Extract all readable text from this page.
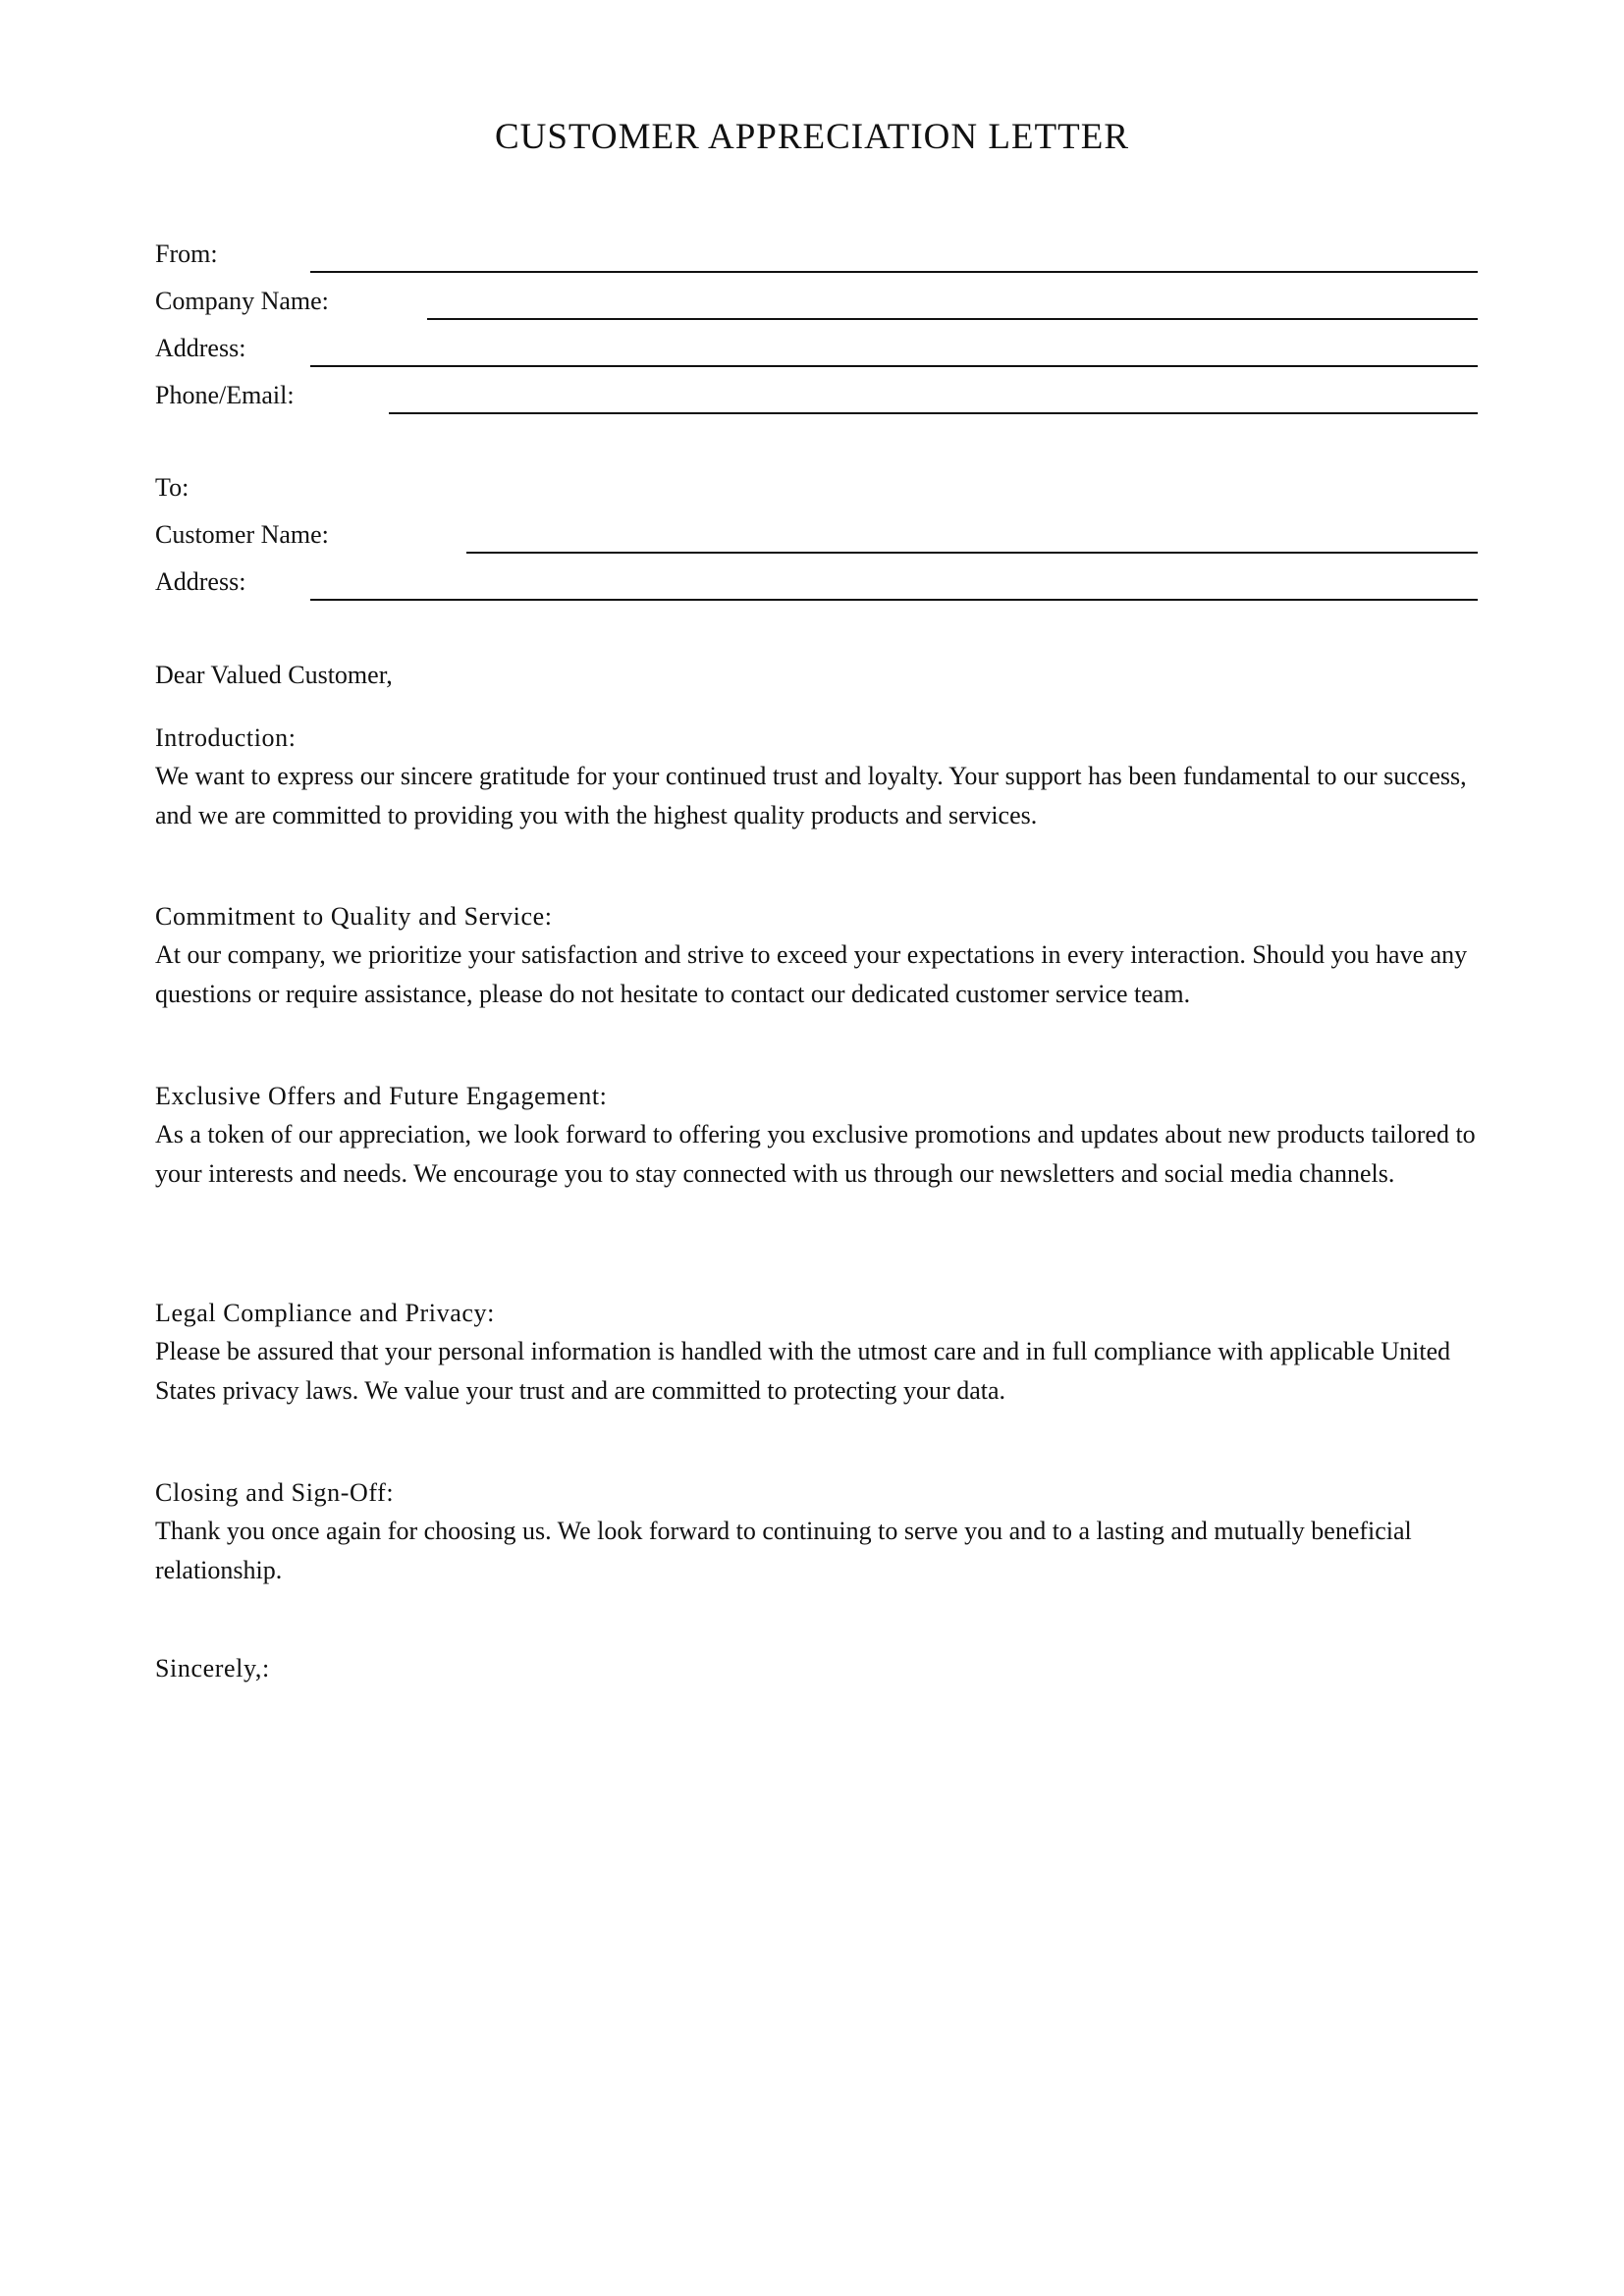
CUSTOMER APPRECIATION LETTER
From:
Company Name:
Address:
Phone/Email:
To:
Customer Name:
Address:
Dear Valued Customer,

Introduction:

We want to express our sincere gratitude for your continued trust and loyalty. Your support has been fundamental to our success, and we are committed to providing you with the highest quality products and services.

Commitment to Quality and Service:

At our company, we prioritize your satisfaction and strive to exceed your expectations in every interaction. Should you have any questions or require assistance, please do not hesitate to contact our dedicated customer service team.

Exclusive Offers and Future Engagement:

As a token of our appreciation, we look forward to offering you exclusive promotions and updates about new products tailored to your interests and needs. We encourage you to stay connected with us through our newsletters and social media channels.

Legal Compliance and Privacy:

Please be assured that your personal information is handled with the utmost care and in full compliance with applicable United States privacy laws. We value your trust and are committed to protecting your data.

Closing and Sign-Off:

Thank you once again for choosing us. We look forward to continuing to serve you and to a lasting and mutually beneficial relationship.

Sincerely,:
